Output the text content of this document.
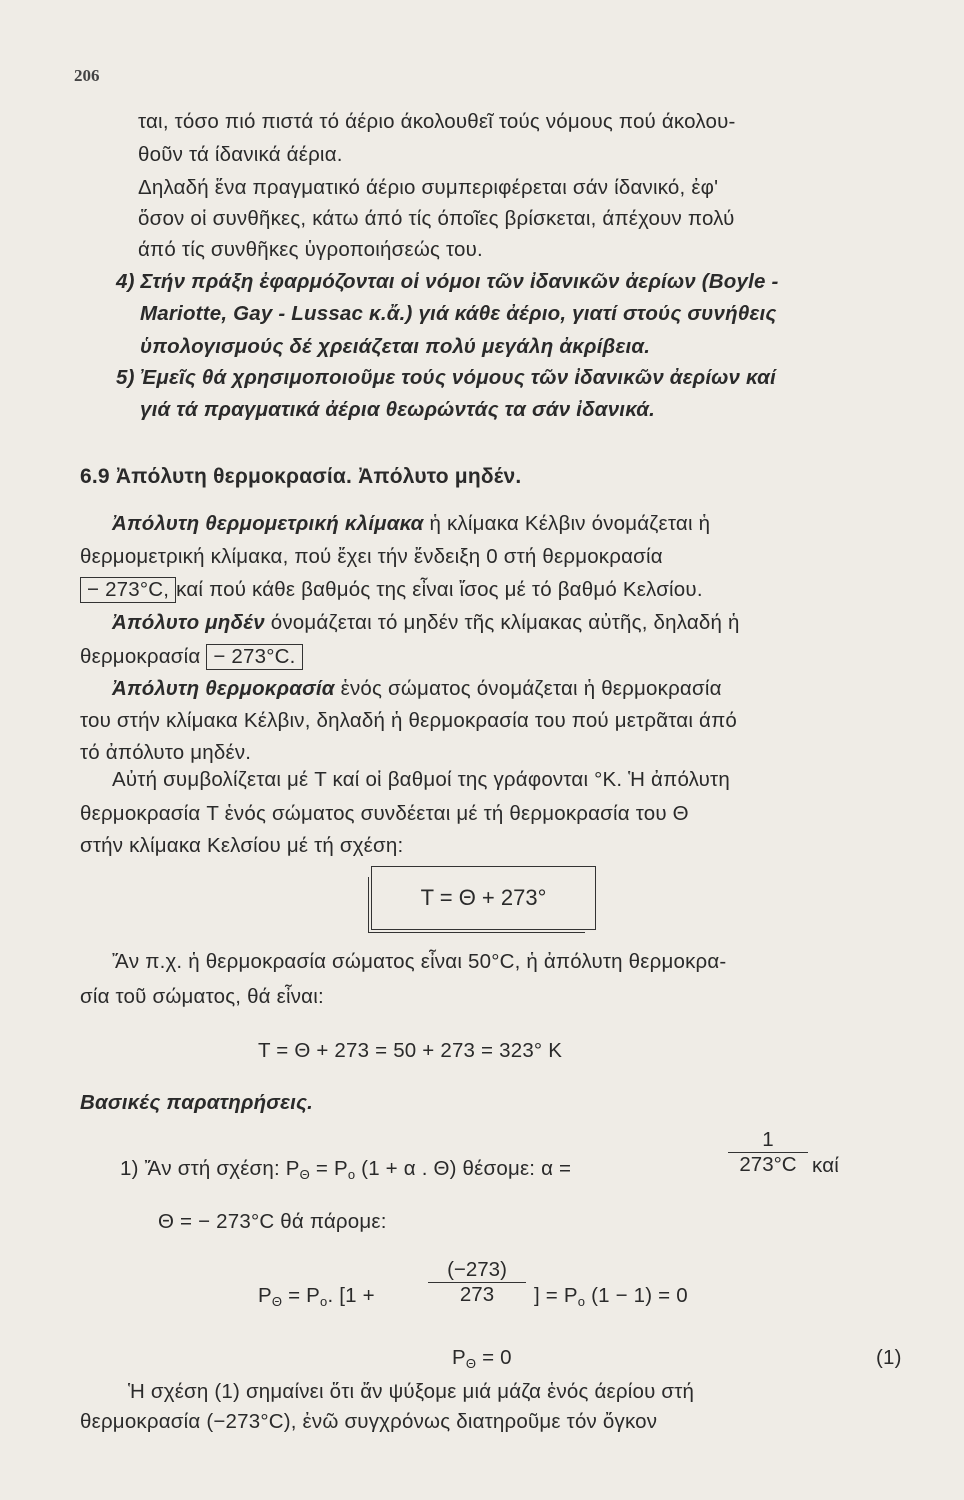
206
ται, τόσο πιό πιστά τό άέριο άκολουθεῖ τούς νόμους πού άκολου-
θοῦν τά ίδανικά άέρια.
Δηλαδή ἕνα πραγματικό άέριο συμπεριφέρεται σάν ίδανικό, ἐφ'
ὅσον οἱ συνθῆκες, κάτω άπό τίς όποῖες βρίσκεται, άπέχουν πολύ
άπό τίς συνθῆκες ὑγροποιήσεώς του.
4) Στήν πράξη ἐφαρμόζονται οἱ νόμοι τῶν ἰδανικῶν ἀερίων (Boyle -
Mariotte, Gay - Lussac κ.ἄ.) γιά κάθε ἀέριο, γιατί στούς συνήθεις
ὑπολογισμούς δέ χρειάζεται πολύ μεγάλη ἀκρίβεια.
5) Ἐμεῖς θά χρησιμοποιοῦμε τούς νόμους τῶν ἰδανικῶν ἀερίων καί
γιά τά πραγματικά ἀέρια θεωρώντάς τα σάν ἰδανικά.
6.9 Ἀπόλυτη θερμοκρασία. Ἀπόλυτο μηδέν.
Ἀπόλυτη θερμομετρική κλίμακα ἡ κλίμακα Κέλβιν όνομάζεται ἡ
θερμομετρική κλίμακα, πού ἔχει τήν ἔνδειξη 0 στή θερμοκρασία
− 273°C, καί πού κάθε βαθμός της εἶναι ἴσος μέ τό βαθμό Κελσίου.
Ἀπόλυτο μηδέν όνομάζεται τό μηδέν τῆς κλίμακας αὐτῆς, δηλαδή ἡ
θερμοκρασία − 273°C.
Ἀπόλυτη θερμοκρασία ἑνός σώματος όνομάζεται ἡ θερμοκρασία
του στήν κλίμακα Κέλβιν, δηλαδή ἡ θερμοκρασία του πού μετρᾶται άπό
τό ἀπόλυτο μηδέν.
Αὐτή συμβολίζεται μέ T καί οἱ βαθμοί της γράφονται °K. Ἡ ἀπόλυτη
θερμοκρασία T ἑνός σώματος συνδέεται μέ τή θερμοκρασία του Θ
στήν κλίμακα Κελσίου μέ τή σχέση:
T = Θ + 273°
Ἄν π.χ. ἡ θερμοκρασία σώματος εἶναι 50°C, ἡ ἀπόλυτη θερμοκρα-
σία τοῦ σώματος, θά εἶναι:
T = Θ + 273 = 50 + 273 = 323° K
Βασικές παρατηρήσεις.
1) Ἄν στή σχέση: $P_\Theta = P_o$ (1 + α . Θ) θέσομε: α =	$\frac{1}{273^\circ C}$ καί
Θ = − 273°C θά πάρομε:
$P_\Theta = P_o$. [1 +	$\frac{(-273)}{273}$ ] = $P_o$ (1 − 1) = 0
$P_\Theta = 0$	(1)
Ἡ σχέση (1) σημαίνει ὅτι ἄν ψύξομε μιά μάζα ἑνός άερίου στή
θερμοκρασία (−273°C), ἐνῶ συγχρόνως διατηροῦμε τόν ὄγκον
